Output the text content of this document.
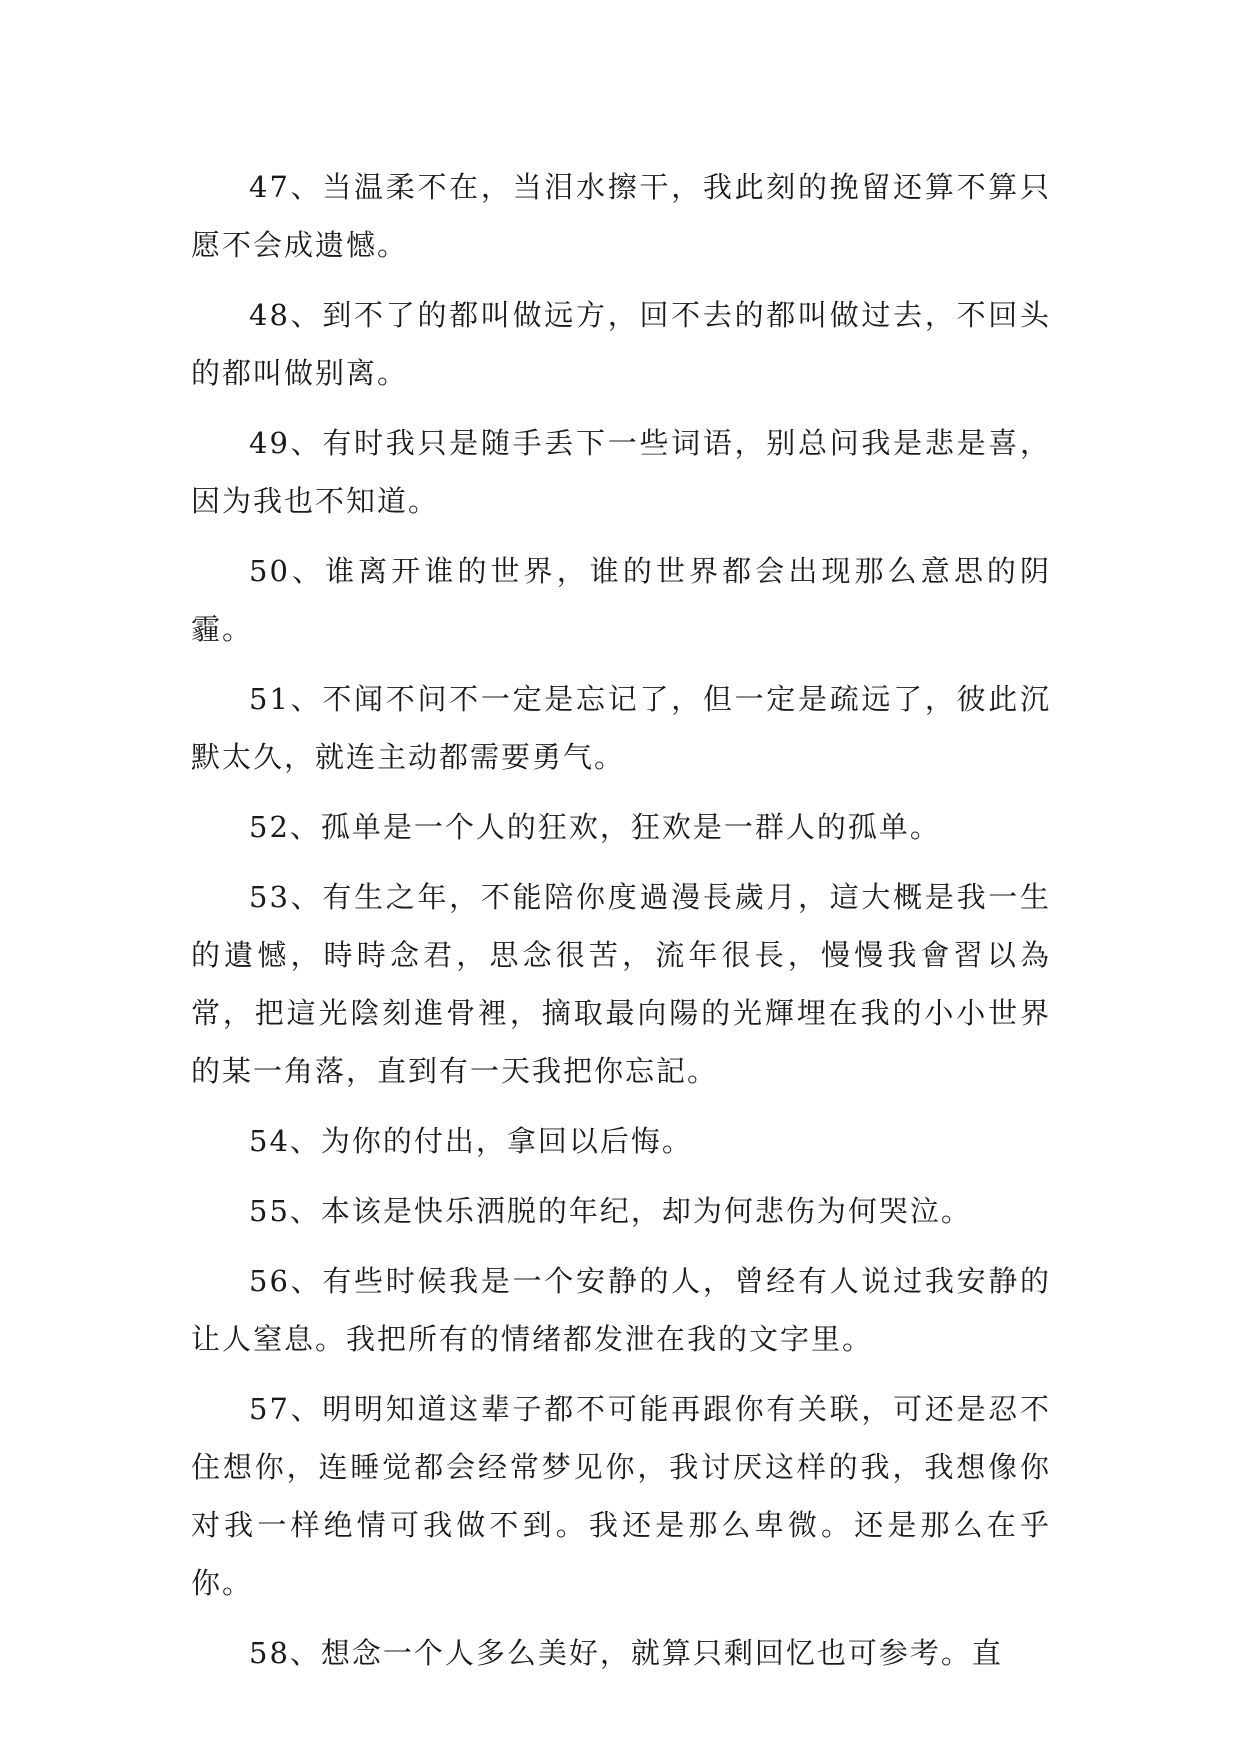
47、当温柔不在，当泪水擦干，我此刻的挽留还算不算只愿不会成遗憾。

48、到不了的都叫做远方，回不去的都叫做过去，不回头的都叫做别离。

49、有时我只是随手丢下一些词语，别总问我是悲是喜，因为我也不知道。

50、谁离开谁的世界，谁的世界都会出现那么意思的阴霾。

51、不闻不问不一定是忘记了，但一定是疏远了，彼此沉默太久，就连主动都需要勇气。

52、孤单是一个人的狂欢，狂欢是一群人的孤单。

53、有生之年，不能陪你度過漫長歲月，這大概是我一生的遺憾，時時念君，思念很苦，流年很長，慢慢我會習以為常，把這光陰刻進骨裡，摘取最向陽的光輝埋在我的小小世界的某一角落，直到有一天我把你忘記。

54、为你的付出，拿回以后悔。

55、本该是快乐洒脱的年纪，却为何悲伤为何哭泣。

56、有些时候我是一个安静的人，曾经有人说过我安静的让人窒息。我把所有的情绪都发泄在我的文字里。

57、明明知道这辈子都不可能再跟你有关联，可还是忍不住想你，连睡觉都会经常梦见你，我讨厌这样的我，我想像你对我一样绝情可我做不到。我还是那么卑微。还是那么在乎你。

58、想念一个人多么美好，就算只剩回忆也可参考。直
